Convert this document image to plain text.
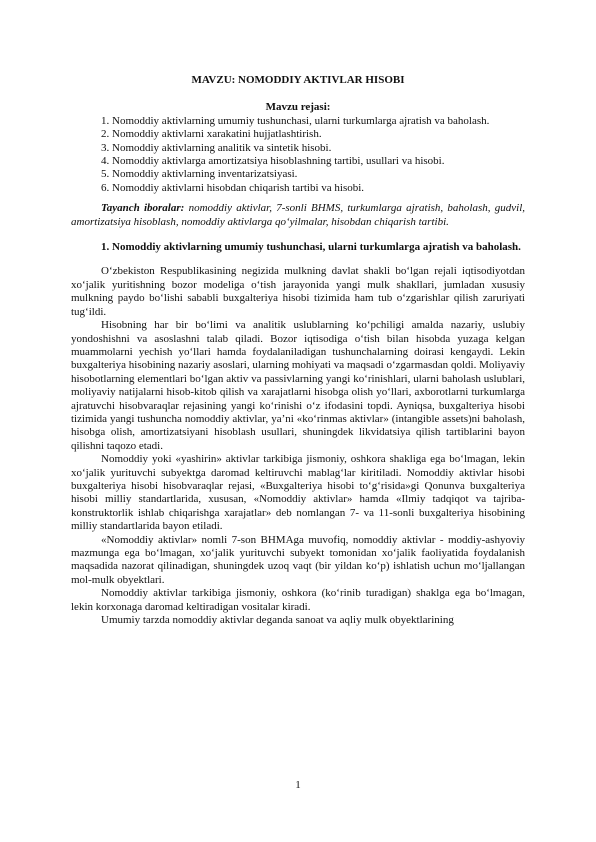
MAVZU: NOMODDIY AKTIVLAR HISOBI
Mavzu rejasi:

1. Nomoddiy aktivlarning umumiy tushunchasi, ularni turkumlarga ajratish va baholash.

2. Nomoddiy aktivlarni xarakatini hujjatlashtirish.

3. Nomoddiy aktivlarning analitik va sintetik hisobi.

4. Nomoddiy aktivlarga amortizatsiya hisoblashning tartibi, usullari va hisobi.

5. Nomoddiy aktivlarning inventarizatsiyasi.

6. Nomoddiy aktivlarni hisobdan chiqarish tartibi va hisobi.

Tayanch iboralar: nomoddiy aktivlar, 7-sonli BHMS, turkumlarga ajratish, baholash, gudvil, amortizatsiya hisoblash, nomoddiy aktivlarga qo‘yilmalar, hisobdan chiqarish tartibi.

1. Nomoddiy aktivlarning umumiy tushunchasi, ularni turkumlarga ajratish va baholash.

O‘zbekiston Respublikasining negizida mulkning davlat shakli bo‘lgan rejali iqtisodiyotdan xo‘jalik yuritishning bozor modeliga o‘tish jarayonida yangi mulk shakllari, jumladan xususiy mulkning paydo bo‘lishi sababli buxgalteriya hisobi tizimida ham tub o‘zgarishlar qilish zaruriyati tug‘ildi.

Hisobning har bir bo‘limi va analitik uslublarning ko‘pchiligi amalda nazariy, uslubiy yondoshishni va asoslashni talab qiladi. Bozor iqtisodiga o‘tish bilan hisobda yuzaga kelgan muammolarni yechish yo‘llari hamda foydalaniladigan tushunchalarning doirasi kengaydi. Lekin buxgalteriya hisobining nazariy asoslari, ularning mohiyati va maqsadi o‘zgarmasdan qoldi. Moliyaviy hisobotlarning elementlari bo‘lgan aktiv va passivlarning yangi ko‘rinishlari, ularni baholash uslublari, moliyaviy natijalarni hisob-kitob qilish va xarajatlarni hisobga olish yo‘llari, axborotlarni turkumlarga ajratuvchi hisobvaraqlar rejasining yangi ko‘rinishi o‘z ifodasini topdi. Ayniqsa, buxgalteriya hisobi tizimida yangi tushuncha nomoddiy aktivlar, ya’ni «ko‘rinmas aktivlar» (intangible assets)ni baholash, hisobga olish, amortizatsiyani hisoblash usullari, shuningdek likvidatsiya qilish tartiblarini bayon qilishni taqozo etadi.

Nomoddiy yoki «yashirin» aktivlar tarkibiga jismoniy, oshkora shakliga ega bo‘lmagan, lekin xo‘jalik yurituvchi subyektga daromad keltiruvchi mablag‘lar kiritiladi. Nomoddiy aktivlar hisobi buxgalteriya hisobi hisobvaraqlar rejasi, «Buxgalteriya hisobi to‘g‘risida»gi Qonunva buxgalteriya hisobi milliy standartlarida, xususan, «Nomoddiy aktivlar» hamda «Ilmiy tadqiqot va tajriba-konstruktorlik ishlab chiqarishga xarajatlar» deb nomlangan 7- va 11-sonli buxgalteriya hisobining milliy standartlarida bayon etiladi.

«Nomoddiy aktivlar» nomli 7-son BHMAga muvofiq, nomoddiy aktivlar - moddiy-ashyoviy mazmunga ega bo‘lmagan, xo‘jalik yurituvchi subyekt tomonidan xo‘jalik faoliyatida foydalanish maqsadida nazorat qilinadigan, shuningdek uzoq vaqt (bir yildan ko‘p) ishlatish uchun mo‘ljallangan mol-mulk obyektlari.

Nomoddiy aktivlar tarkibiga jismoniy, oshkora (ko‘rinib turadigan) shaklga ega bo‘lmagan, lekin korxonaga daromad keltiradigan vositalar kiradi.

Umumiy tarzda nomoddiy aktivlar deganda sanoat va aqliy mulk obyektlarining

1
